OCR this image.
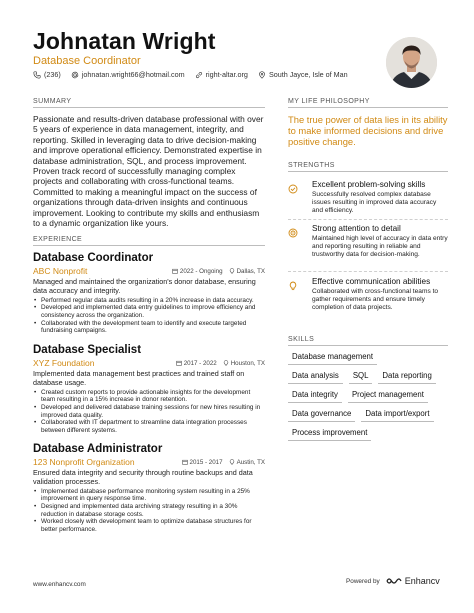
Johnatan Wright
Database Coordinator
(236)	johnatan.wright66@hotmail.com	right-altar.org	South Jayce, Isle of Man
SUMMARY
Passionate and results-driven database professional with over 5 years of experience in data management, integrity, and reporting. Skilled in leveraging data to drive decision-making and improve operational efficiency. Demonstrated expertise in database administration, SQL, and process improvement. Proven track record of successfully managing complex projects and collaborating with cross-functional teams. Committed to making a meaningful impact on the success of organizations through data-driven insights and continuous improvement. Looking to contribute my skills and enthusiasm to a dynamic organization like yours.
EXPERIENCE
Database Coordinator
ABC Nonprofit	2022 - Ongoing Dallas, TX
Managed and maintained the organization's donor database, ensuring data accuracy and integrity.
• Performed regular data audits resulting in a 20% increase in data accuracy.
• Developed and implemented data entry guidelines to improve efficiency and consistency across the organization.
• Collaborated with the development team to identify and execute targeted fundraising campaigns.
Database Specialist
XYZ Foundation	2017 - 2022 Houston, TX
Implemented data management best practices and trained staff on database usage.
• Created custom reports to provide actionable insights for the development team resulting in a 15% increase in donor retention.
• Developed and delivered database training sessions for new hires resulting in improved data quality.
• Collaborated with IT department to streamline data integration processes between different systems.
Database Administrator
123 Nonprofit Organization	2015 - 2017 Austin, TX
Ensured data integrity and security through routine backups and data validation processes.
• Implemented database performance monitoring system resulting in a 25% improvement in query response time.
• Designed and implemented data archiving strategy resulting in a 30% reduction in database storage costs.
• Worked closely with development team to optimize database structures for better performance.
MY LIFE PHILOSOPHY
The true power of data lies in its ability to make informed decisions and drive positive change.
STRENGTHS
Excellent problem-solving skills
Successfully resolved complex database issues resulting in improved data accuracy and efficiency.
Strong attention to detail
Maintained high level of accuracy in data entry and reporting resulting in reliable and trustworthy data for decision-making.
Effective communication abilities
Collaborated with cross-functional teams to gather requirements and ensure timely completion of data projects.
SKILLS
Database management
Data analysis	SQL	Data reporting
Data integrity	Project management
Data governance	Data import/export
Process improvement
www.enhancv.com	Powered by	Enhancv
